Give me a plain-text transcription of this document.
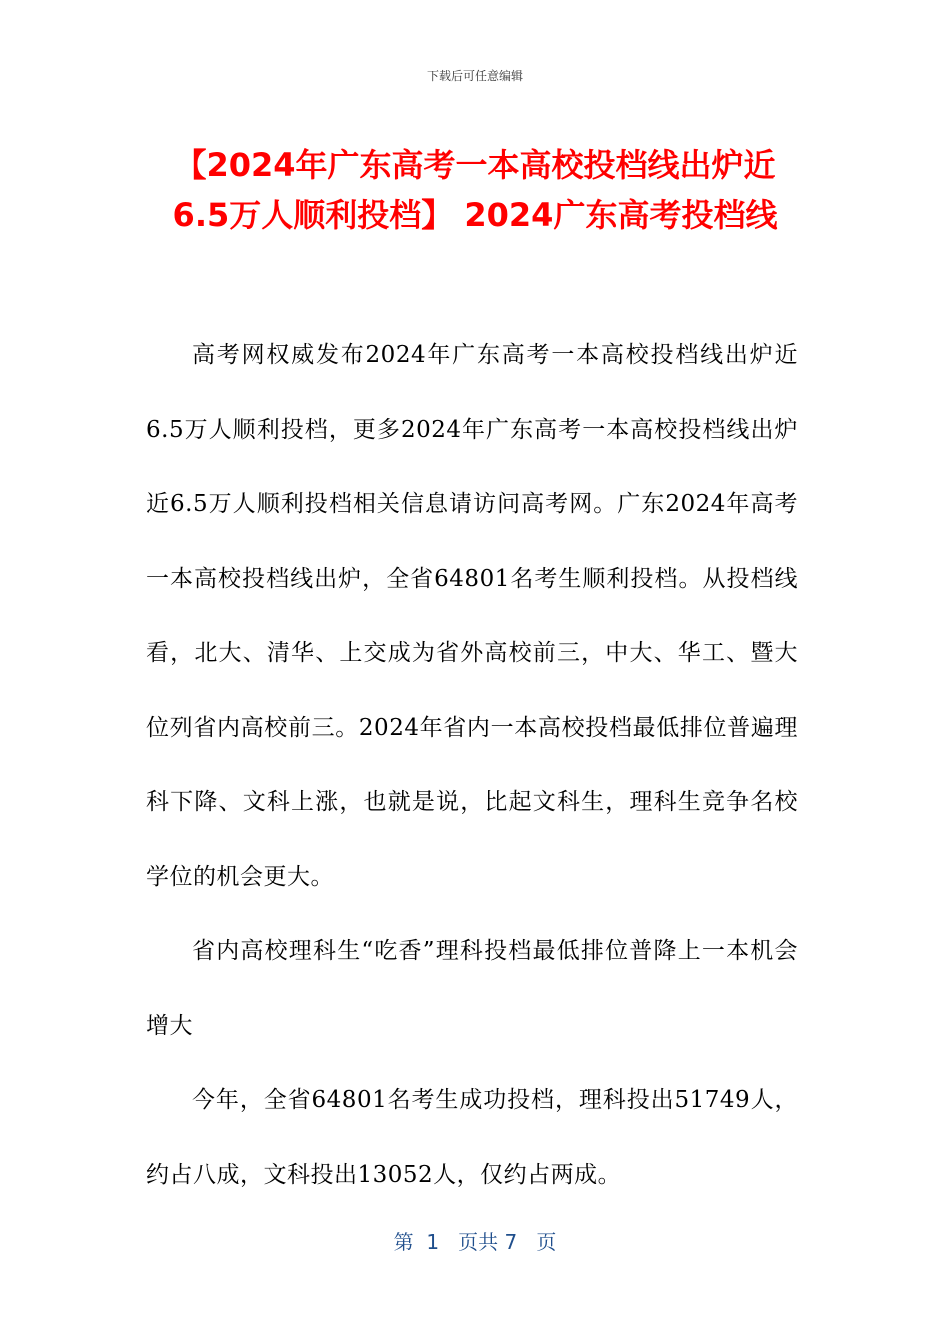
下载后可任意编辑
【2024年广东高考一本高校投档线出炉近
6.5万人顺利投档】 2024广东高考投档线

高考网权威发布2024年广东高考一本高校投档线出炉近6.5万人顺利投档，更多2024年广东高考一本高校投档线出炉近6.5万人顺利投档相关信息请访问高考网。广东2024年高考一本高校投档线出炉，全省64801名考生顺利投档。从投档线看，北大、清华、上交成为省外高校前三，中大、华工、暨大位列省内高校前三。2024年省内一本高校投档最低排位普遍理科下降、文科上涨，也就是说，比起文科生，理科生竞争名校学位的机会更大。

省内高校理科生“吃香”理科投档最低排位普降上一本机会增大

今年，全省64801名考生成功投档，理科投出51749人，约占八成，文科投出13052人，仅约占两成。

第  1   页共 7   页
